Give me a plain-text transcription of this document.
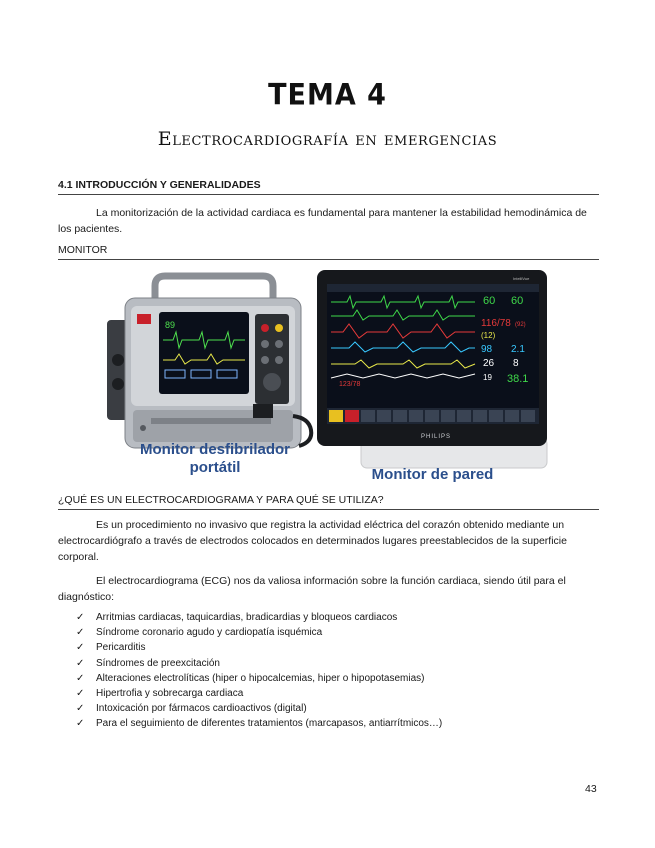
TEMA 4
Electrocardiografía en emergencias
4.1 INTRODUCCIÓN Y GENERALIDADES
La monitorización de la actividad cardiaca es fundamental para mantener la estabilidad hemodinámica de los pacientes.
MONITOR
89
IntelliVue
60 60
116/78 (92)
(12)
98 2.1
26 8
19 38.1
123/78
PHILIPS
Monitor desfibrilador portátil	Monitor de pared
¿QUÉ ES UN ELECTROCARDIOGRAMA Y PARA QUÉ SE UTILIZA?
Es un procedimiento no invasivo que registra la actividad eléctrica del corazón obtenido mediante un electrocardiógrafo a través de electrodos colocados en determinados lugares preestablecidos de la superficie corporal.
El electrocardiograma (ECG) nos da valiosa información sobre la función cardiaca, siendo útil para el diagnóstico:
✓ Arritmias cardiacas, taquicardias, bradicardias y bloqueos cardiacos
✓ Síndrome coronario agudo y cardiopatía isquémica
✓ Pericarditis
✓ Síndromes de preexcitación
✓ Alteraciones electrolíticas (hiper o hipocalcemias, hiper o hipopotasemias)
✓ Hipertrofia y sobrecarga cardiaca
✓ Intoxicación por fármacos cardioactivos (digital)
✓ Para el seguimiento de diferentes tratamientos (marcapasos, antiarrítmicos…)
43
